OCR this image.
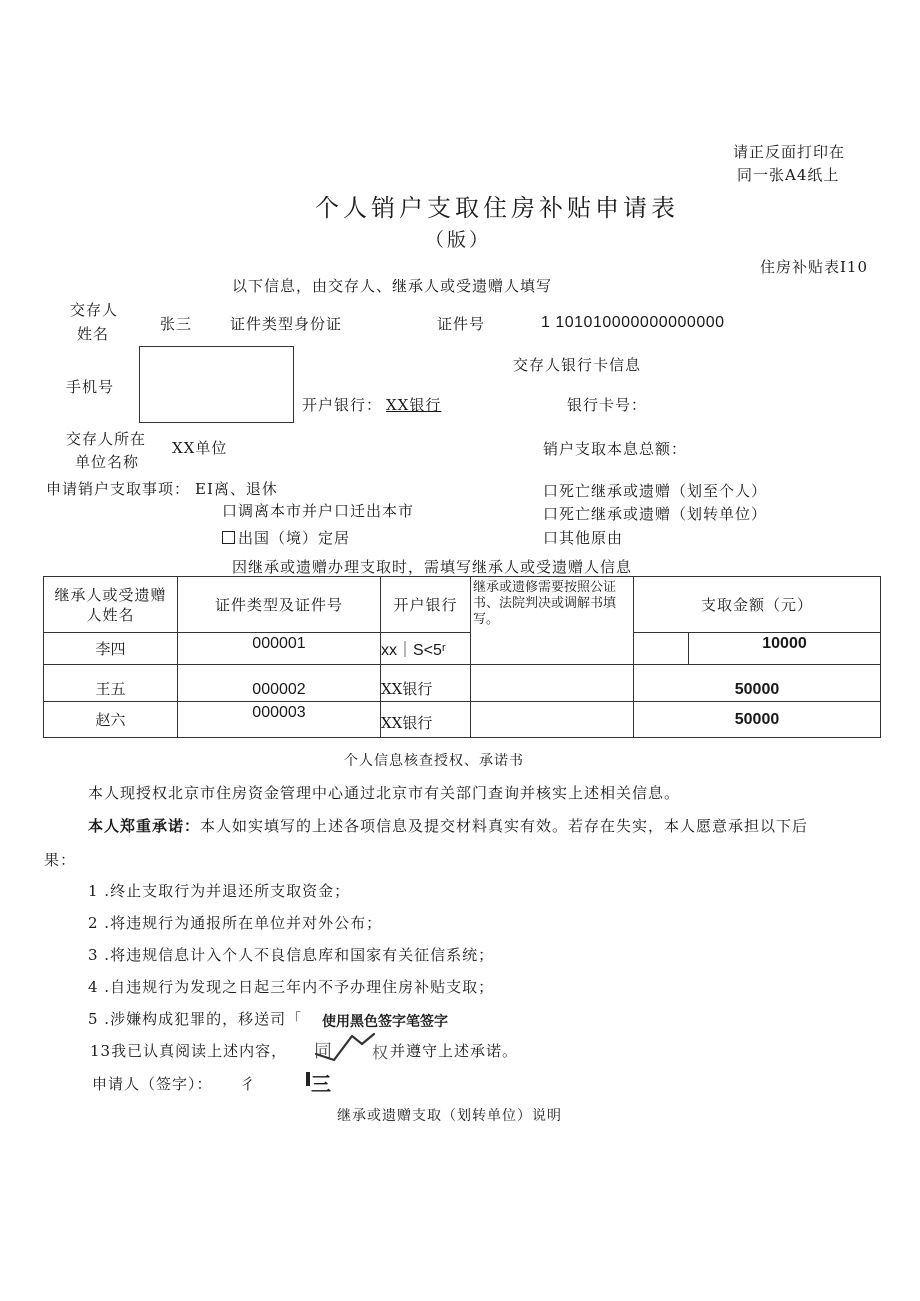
请正反面打印在
同一张A4纸上
个人销户支取住房补贴申请表
（版）
住房补贴表I10
以下信息，由交存人、继承人或受遗赠人填写
交存人
姓名
张三	证件类型身份证	证件号	1 101010000000000000
手机号
交存人银行卡信息
开户银行： XX银行	银行卡号：
交存人所在
单位名称
XX单位	销户支取本息总额：
申请销户支取事项： EI离、退休
口调离本市并户口迁出本市
出国（境）定居
口死亡继承或遗赠（划至个人）
口死亡继承或遗赠（划转单位）
口其他原由
因继承或遗赠办理支取时，需填写继承人或受遗赠人信息
继承人或受遗赠人姓名	证件类型及证件号	开户银行	继承或遗修需要按照公证书、法院判决或调解书填写。	支取金额（元）	
李四	000001	xx｜S<5ʳ			10000
王五	000002	XX银行		50000	
赵六	000003	XX银行		50000	
个人信息核查授权、承诺书
本人现授权北京市住房资金管理中心通过北京市有关部门查询并核实上述相关信息。
本人郑重承诺：本人如实填写的上述各项信息及提交材料真实有效。若存在失实，本人愿意承担以下后
果：
1 .终止支取行为并退还所支取资金；
2 .将违规行为通报所在单位并对外公布；
3 .将违规信息计入个人不良信息库和国家有关征信系统；
4 .自违规行为发现之日起三年内不予办理住房补贴支取；
5 .涉嫌构成犯罪的，移送司「 使用黑色签字笔签字
13我已认真阅读上述内容， 同	权 并遵守上述承诺。
申请人（签字）： 彳	三
继承或遗赠支取（划转单位）说明
